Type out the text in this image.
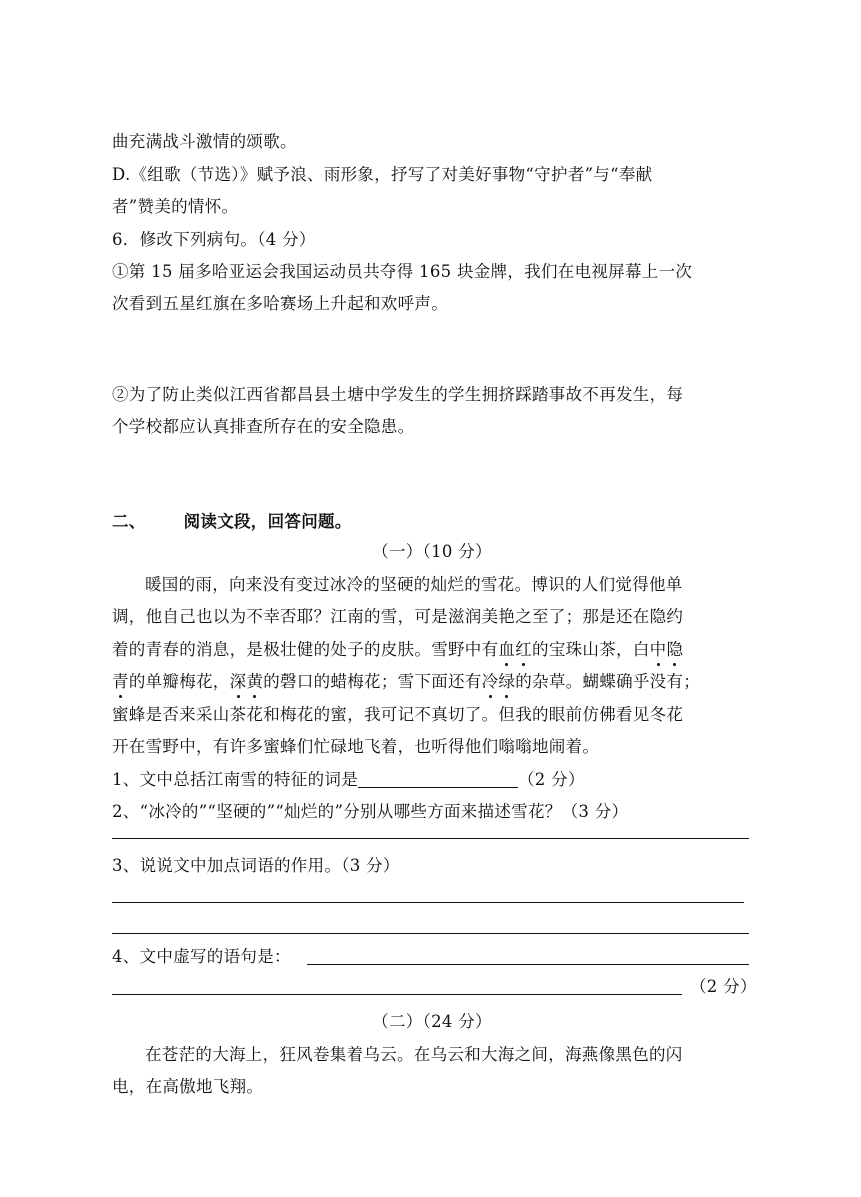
曲充满战斗激情的颂歌。
D.《组歌（节选）》赋予浪、雨形象，抒写了对美好事物“守护者”与“奉献
者”赞美的情怀。
6．修改下列病句。（4 分）
①第 15 届多哈亚运会我国运动员共夺得 165 块金牌，我们在电视屏幕上一次
次看到五星红旗在多哈赛场上升起和欢呼声。
②为了防止类似江西省都昌县土塘中学发生的学生拥挤踩踏事故不再发生，每
个学校都应认真排查所存在的安全隐患。
二、 阅读文段，回答问题。
（一）（10 分）
暖国的雨，向来没有变过冰冷的坚硬的灿烂的雪花。博识的人们觉得他单
调，他自己也以为不幸否耶？江南的雪，可是滋润美艳之至了；那是还在隐约
着的青春的消息，是极壮健的处子的皮肤。雪野中有血红的宝珠山茶，白中隐
青的单瓣梅花，深黄的磬口的蜡梅花；雪下面还有冷绿的杂草。蝴蝶确乎没有；
蜜蜂是否来采山茶花和梅花的蜜，我可记不真切了。但我的眼前仿佛看见冬花
开在雪野中，有许多蜜蜂们忙碌地飞着，也听得他们嗡嗡地闹着。
1、文中总括江南雪的特征的词是	（2 分）
2、“冰冷的”“坚硬的”“灿烂的”分别从哪些方面来描述雪花？（3 分）
3、说说文中加点词语的作用。（3 分）
4、文中虚写的语句是：
（2 分）
（二）（24 分）
在苍茫的大海上，狂风卷集着乌云。在乌云和大海之间，海燕像黑色的闪
电，在高傲地飞翔。
